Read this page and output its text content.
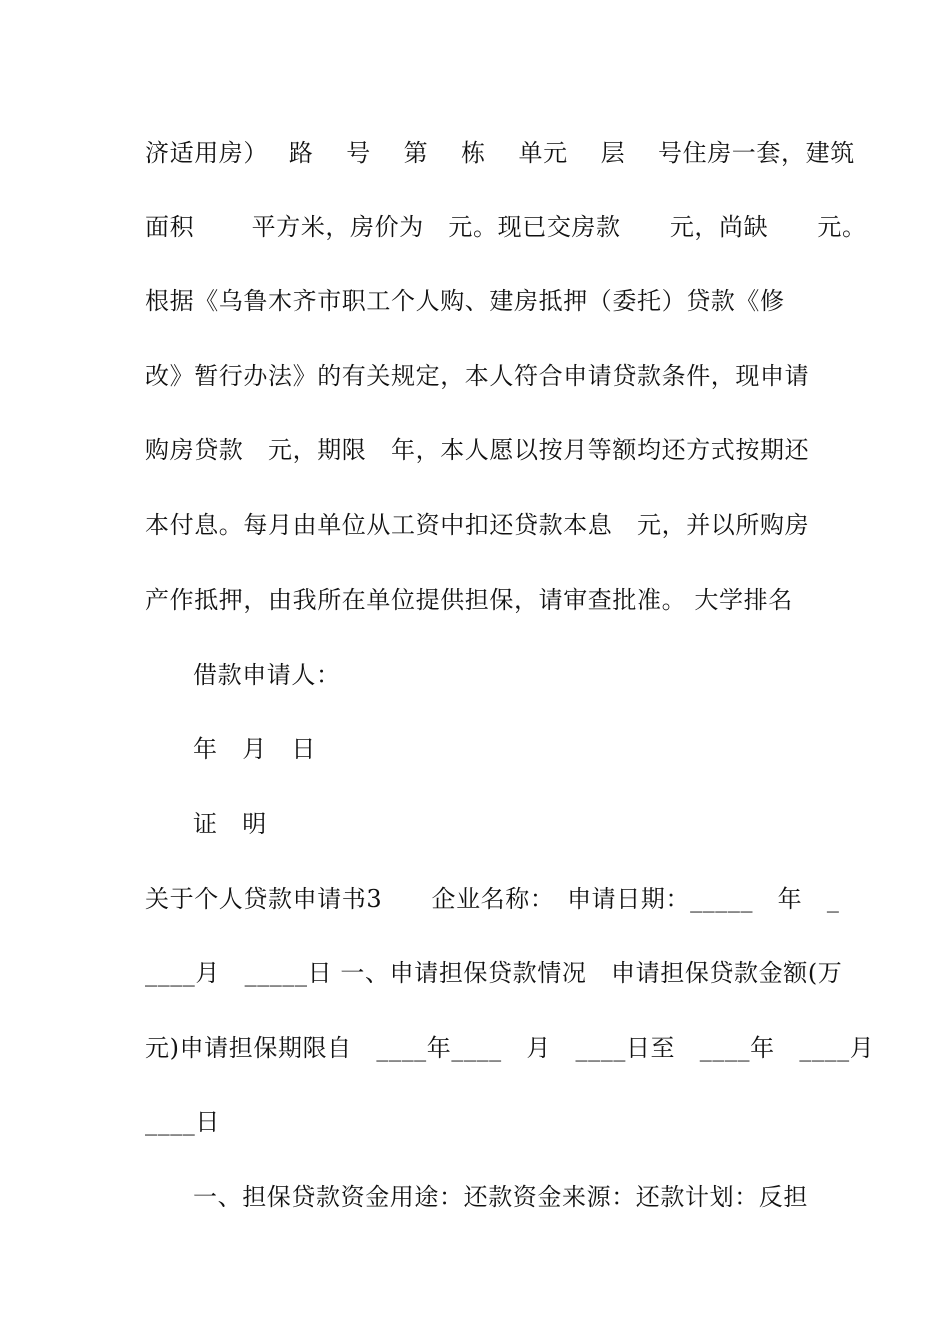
济适用房）　 路　 号　 第　 栋　 单元　 层　 号住房一套，建筑
面积　　 平方米，房价为　元。现已交房款　　元，尚缺　　元。
根据《乌鲁木齐市职工个人购、建房抵押（委托）贷款《修
改》暂行办法》的有关规定，本人符合申请贷款条件，现申请
购房贷款　元，期限　年，本人愿以按月等额均还方式按期还
本付息。每月由单位从工资中扣还贷款本息　元，并以所购房
产作抵押，由我所在单位提供担保，请审查批准。 大学排名
借款申请人：
年　月　日
证　明
关于个人贷款申请书3　　企业名称：　申请日期：_____　年　_
____月　_____日 一、申请担保贷款情况　申请担保贷款金额(万
元)申请担保期限自　____年____　月　____日至　____年　____月
____日
一、担保贷款资金用途：还款资金来源：还款计划：反担
